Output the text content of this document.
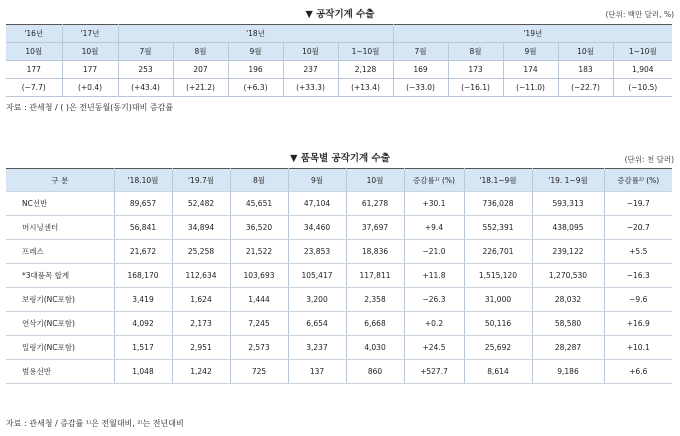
▼ 공작기계 수출	(단위: 백만 달러, %)
'16년	'17년	'18년					'19년				
10월	10월	7월	8월	9월	10월	1~10월	7월	8월	9월	10월	1~10월
177	177	253	207	196	237	2,128	169	173	174	183	1,904
(−7.7)	(+0.4)	(+43.4)	(+21.2)	(+6.3)	(+33.3)	(+13.4)	(−33.0)	(−16.1)	(−11.0)	(−22.7)	(−10.5)
자료 : 관세청 / ( )은 전년동월(동기)대비 증감률
▼ 품목별 공작기계 수출	(단위: 천 달러)
구 분	'18.10월	'19.7월	8월	9월	10월	증감률¹⁾ (%)	'18.1~9월	'19. 1~9월	증감률²⁾ (%)
NC선반	89,657	52,482	45,651	47,104	61,278	+30.1	736,028	593,313	−19.7
머시닝센터	56,841	34,894	36,520	34,460	37,697	+9.4	552,391	438,095	−20.7
프레스	21,672	25,258	21,522	23,853	18,836	−21.0	226,701	239,122	+5.5
*3대품목 합계	168,170	112,634	103,693	105,417	117,811	+11.8	1,515,120	1,270,530	−16.3
보링기(NC포함)	3,419	1,624	1,444	3,200	2,358	−26.3	31,000	28,032	−9.6
연삭기(NC포함)	4,092	2,173	7,245	6,654	6,668	+0.2	50,116	58,580	+16.9
밀링기(NC포함)	1,517	2,951	2,573	3,237	4,030	+24.5	25,692	28,287	+10.1
범용선반	1,048	1,242	725	137	860	+527.7	8,614	9,186	+6.6
자료 : 관세청 / 증감률 ¹⁾은 전월대비, ²⁾는 전년대비
